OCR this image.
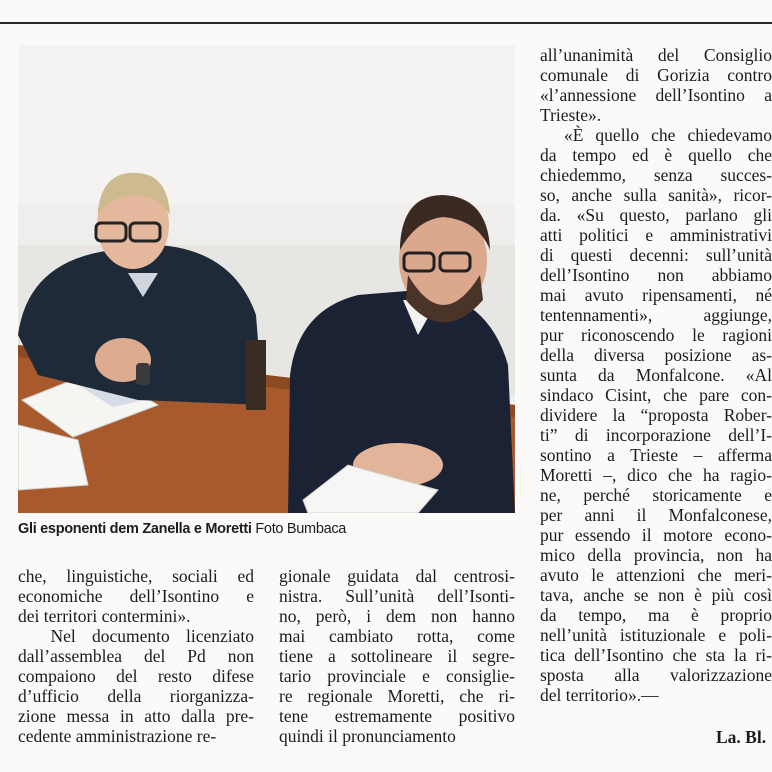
Gli esponenti dem Zanella e Moretti Foto Bumbaca
che, linguistiche, sociali ed
economiche dell’Isontino e
dei territori contermini».
Nel documento licenziato
dall’assemblea del Pd non
compaiono del resto difese
d’ufficio della riorganizza-
zione messa in atto dalla pre-
cedente amministrazione re-
gionale guidata dal centrosi-
nistra. Sull’unità dell’Isonti-
no, però, i dem non hanno
mai cambiato rotta, come
tiene a sottolineare il segre-
tario provinciale e consiglie-
re regionale Moretti, che ri-
tene estremamente positivo
quindi il pronunciamento
all’unanimità del Consiglio
comunale di Gorizia contro
«l’annessione dell’Isontino a
Trieste».
«È quello che chiedevamo
da tempo ed è quello che
chiedemmo, senza succes-
so, anche sulla sanità», ricor-
da. «Su questo, parlano gli
atti politici e amministrativi
di questi decenni: sull’unità
dell’Isontino non abbiamo
mai avuto ripensamenti, né
tentennamenti», aggiunge,
pur riconoscendo le ragioni
della diversa posizione as-
sunta da Monfalcone. «Al
sindaco Cisint, che pare con-
dividere la “proposta Rober-
ti” di incorporazione dell’I-
sontino a Trieste – afferma
Moretti –, dico che ha ragio-
ne, perché storicamente e
per anni il Monfalconese,
pur essendo il motore econo-
mico della provincia, non ha
avuto le attenzioni che meri-
tava, anche se non è più così
da tempo, ma è proprio
nell’unità istituzionale e poli-
tica dell’Isontino che sta la ri-
sposta alla valorizzazione
del territorio».—
La. Bl.
